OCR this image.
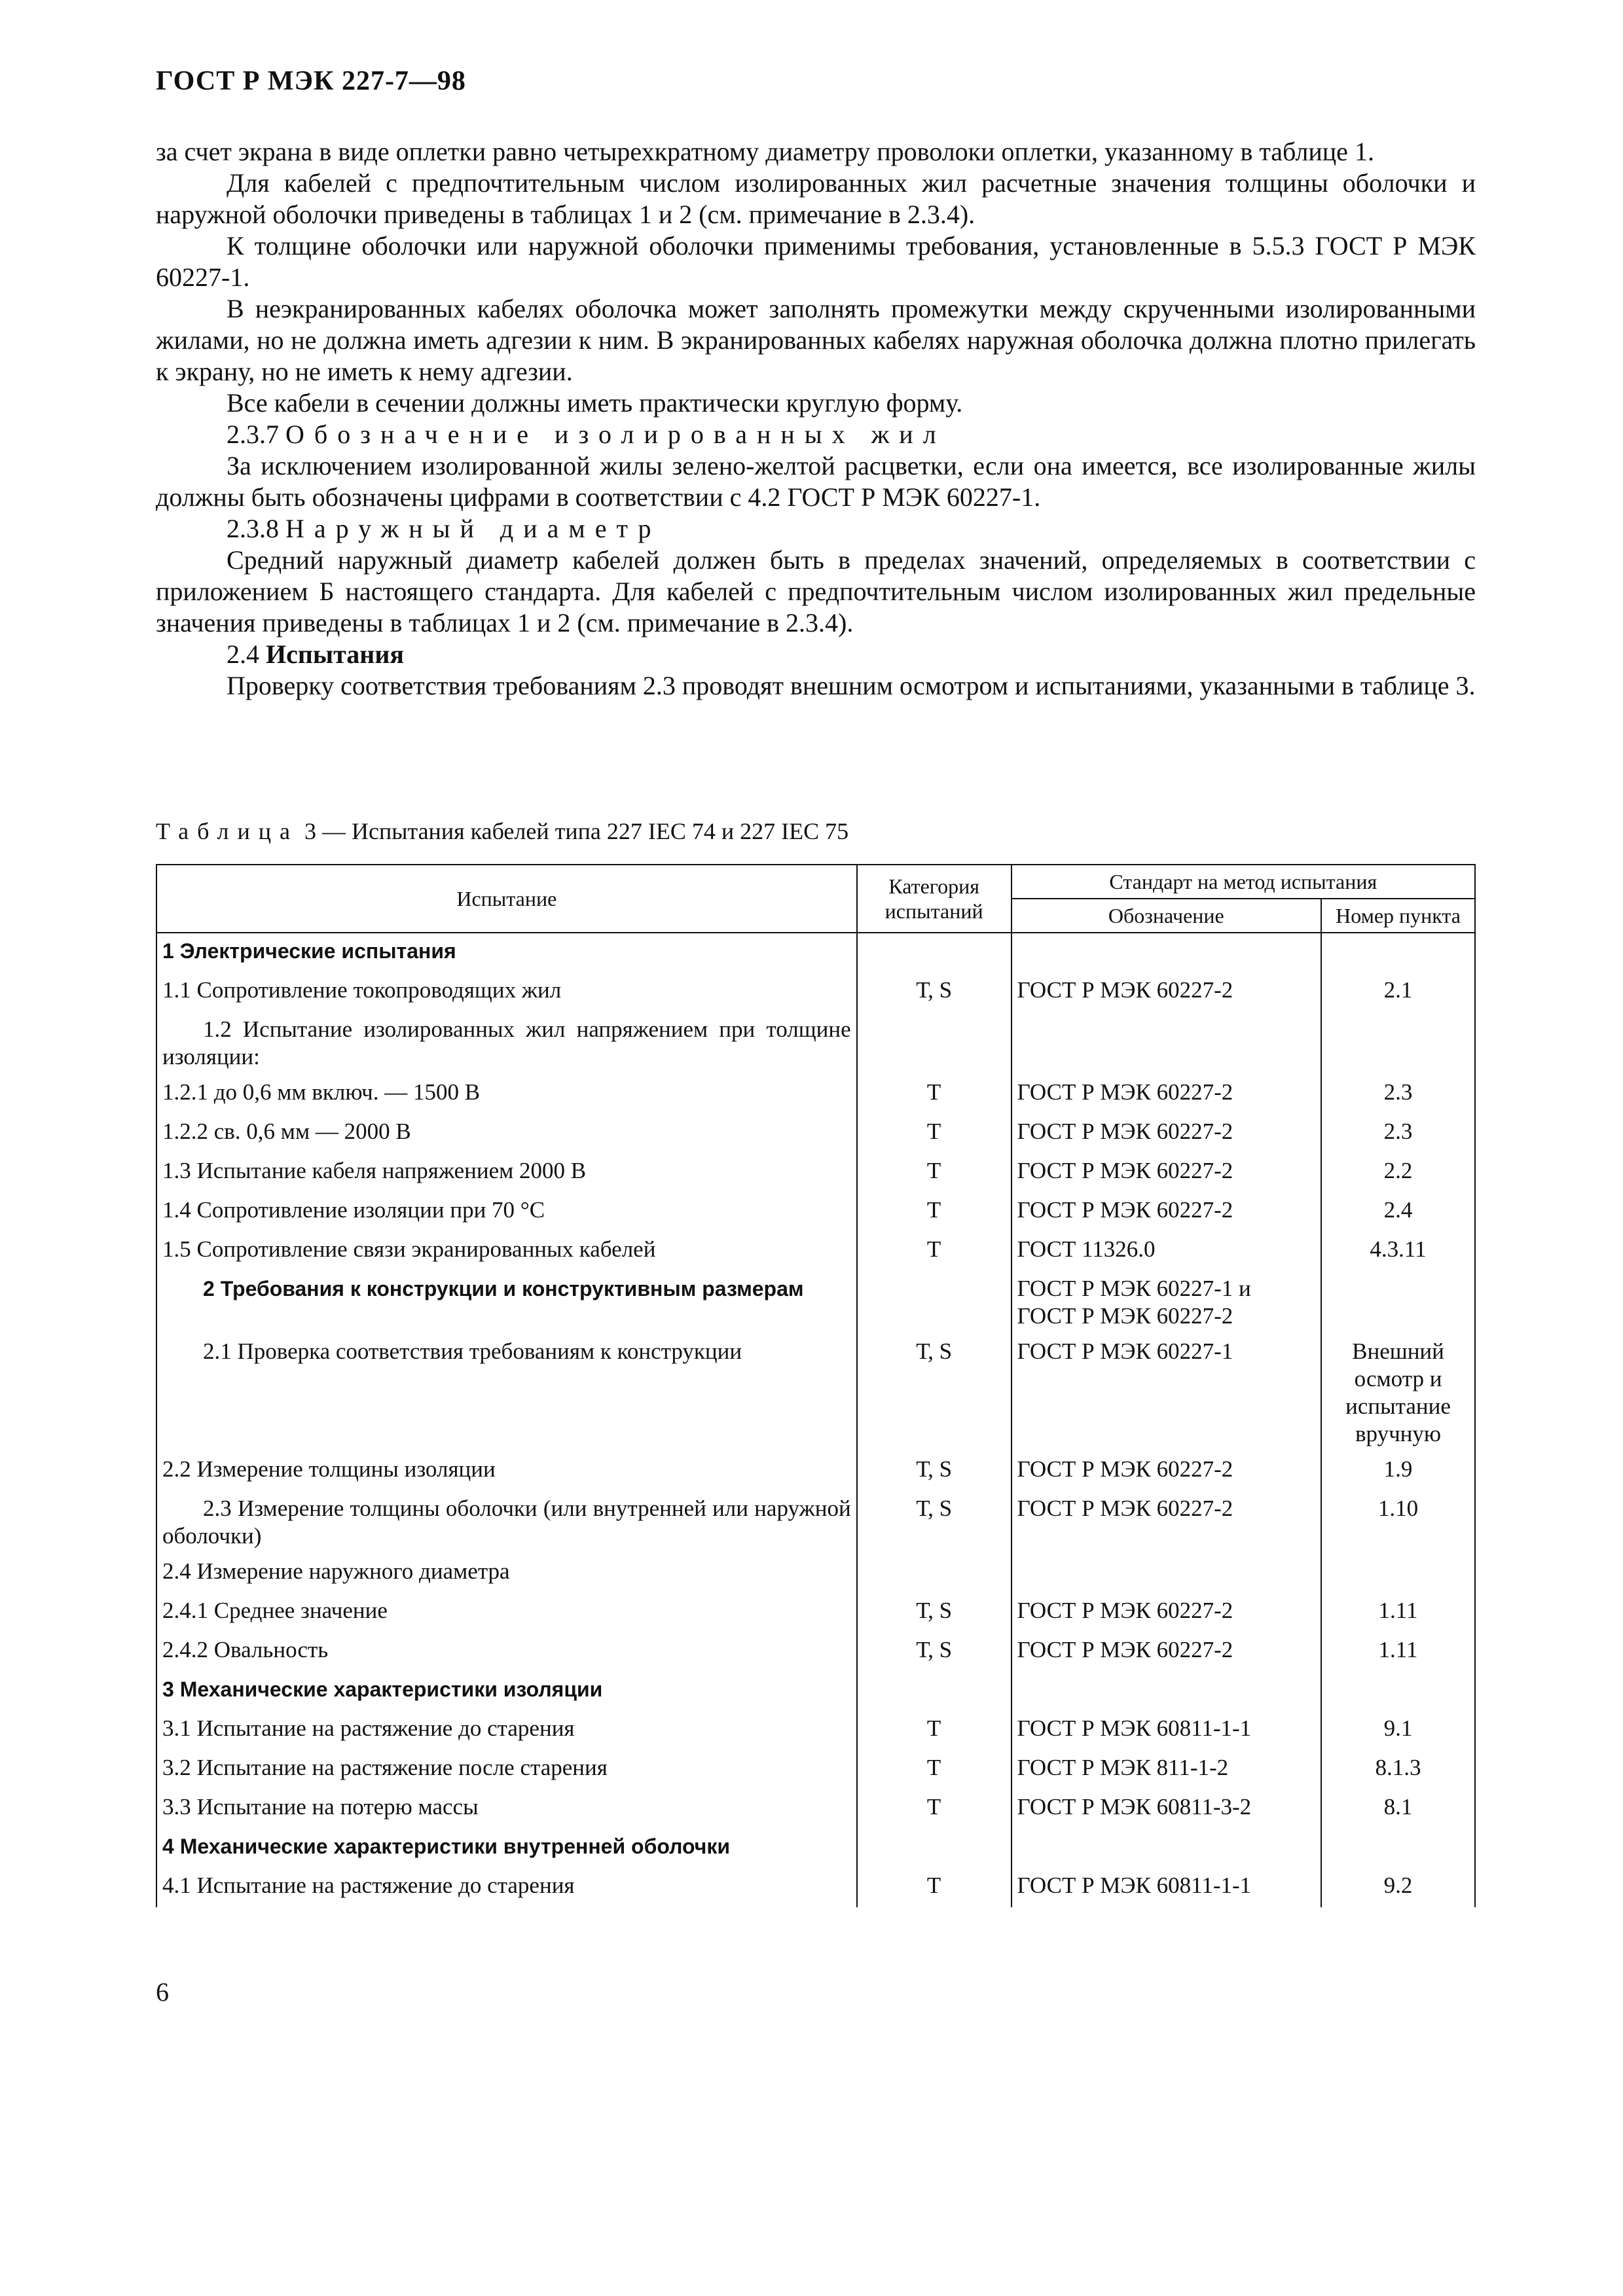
ГОСТ Р МЭК 227-7—98

за счет экрана в виде оплетки равно четырехкратному диаметру проволоки оплетки, указанному в таблице 1.

Для кабелей с предпочтительным числом изолированных жил расчетные значения толщины оболочки и наружной оболочки приведены в таблицах 1 и 2 (см. примечание в 2.3.4).

К толщине оболочки или наружной оболочки применимы требования, установленные в 5.5.3 ГОСТ Р МЭК 60227-1.

В неэкранированных кабелях оболочка может заполнять промежутки между скрученными изолированными жилами, но не должна иметь адгезии к ним. В экранированных кабелях наружная оболочка должна плотно прилегать к экрану, но не иметь к нему адгезии.

Все кабели в сечении должны иметь практически круглую форму.

2.3.7 Обозначение изолированных жил

За исключением изолированной жилы зелено-желтой расцветки, если она имеется, все изолированные жилы должны быть обозначены цифрами в соответствии с 4.2 ГОСТ Р МЭК 60227-1.

2.3.8 Наружный диаметр

Средний наружный диаметр кабелей должен быть в пределах значений, определяемых в соответствии с приложением Б настоящего стандарта. Для кабелей с предпочтительным числом изолированных жил предельные значения приведены в таблицах 1 и 2 (см. примечание в 2.3.4).

2.4 Испытания

Проверку соответствия требованиям 2.3 проводят внешним осмотром и испытаниями, указанными в таблице 3.

Таблица 3 — Испытания кабелей типа 227 IEC 74 и 227 IEC 75
Испытание	Категория испытаний	Стандарт на метод испытания	
		Обозначение	Номер пункта
1 Электрические испытания			
1.1 Сопротивление токопроводящих жил	Т, S	ГОСТ Р МЭК 60227-2	2.1
1.2 Испытание изолированных жил напряжением при толщине изоляции:			
1.2.1 до 0,6 мм включ. — 1500 В	Т	ГОСТ Р МЭК 60227-2	2.3
1.2.2 св. 0,6 мм — 2000 В	Т	ГОСТ Р МЭК 60227-2	2.3
1.3 Испытание кабеля напряжением 2000 В	Т	ГОСТ Р МЭК 60227-2	2.2
1.4 Сопротивление изоляции при 70 °С	Т	ГОСТ Р МЭК 60227-2	2.4
1.5 Сопротивление связи экранированных кабелей	Т	ГОСТ 11326.0	4.3.11
2 Требования к конструкции и конструктивным размерам		ГОСТ Р МЭК 60227-1 и
ГОСТ Р МЭК 60227-2	

2.1 Проверка соответствия требованиям к конструкции	Т, S	ГОСТ Р МЭК 60227-1	Внешний осмотр и испытание вручную
2.2 Измерение толщины изоляции	Т, S	ГОСТ Р МЭК 60227-2	1.9
2.3 Измерение толщины оболочки (или внутренней или наружной оболочки)	Т, S	ГОСТ Р МЭК 60227-2	1.10
2.4 Измерение наружного диаметра			
2.4.1 Среднее значение	Т, S	ГОСТ Р МЭК 60227-2	1.11
2.4.2 Овальность	Т, S	ГОСТ Р МЭК 60227-2	1.11
3 Механические характеристики изоляции			
3.1 Испытание на растяжение до старения	Т	ГОСТ Р МЭК 60811-1-1	9.1
3.2 Испытание на растяжение после старения	Т	ГОСТ Р МЭК 811-1-2	8.1.3
3.3 Испытание на потерю массы	Т	ГОСТ Р МЭК 60811-3-2	8.1
4 Механические характеристики внутренней оболочки			
4.1 Испытание на растяжение до старения	Т	ГОСТ Р МЭК 60811-1-1	9.2
6
